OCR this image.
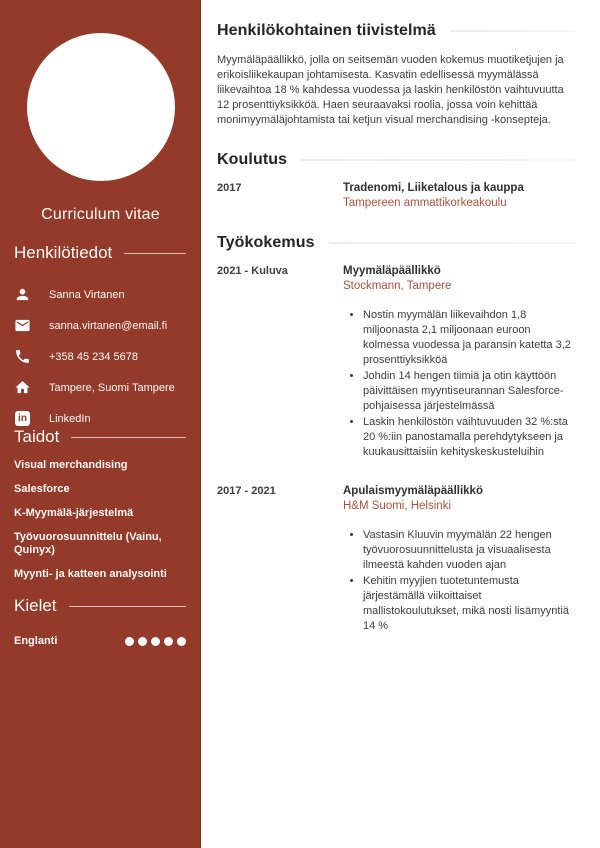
Curriculum vitae
Henkilötiedot
Sanna Virtanen
sanna.virtanen@email.fi
+358 45 234 5678
Tampere, Suomi Tampere
in LinkedIn
Taidot
Visual merchandising
Salesforce
K-Myymälä-järjestelmä
Työvuorosuunnittelu (Vainu, Quinyx)
Myynti- ja katteen analysointi
Kielet
Englanti
Henkilökohtainen tiivistelmä

Myymäläpäällikkö, jolla on seitsemän vuoden kokemus muotiketjujen ja erikoisliikekaupan johtamisesta. Kasvatin edellisessä myymälässä liikevaihtoa 18 % kahdessa vuodessa ja laskin henkilöstön vaihtuvuutta 12 prosenttiyksikköä. Haen seuraavaksi roolia, jossa voin kehittää monimyymäläjohtamista tai ketjun visual merchandising -konsepteja.

Koulutus
2017	Tradenomi, Liiketalous ja kauppa
Tampereen ammattikorkeakoulu
Työkokemus
2021 - Kuluva	Myymäläpäällikkö
Stockmann, Tampere
• Nostin myymälän liikevaihdon 1,8 miljoonasta 2,1 miljoonaan euroon kolmessa vuodessa ja paransin katetta 3,2 prosenttiyksikköä
• Johdin 14 hengen tiimiä ja otin käyttöön päivittäisen myyntiseurannan Salesforce-pohjaisessa järjestelmässä
• Laskin henkilöstön vaihtuvuuden 32 %:sta 20 %:iin panostamalla perehdytykseen ja kuukausittaisiin kehityskeskusteluihin
2017 - 2021	Apulaismyymäläpäällikkö
H&M Suomi, Helsinki
• Vastasin Kluuvin myymälän 22 hengen työvuorosuunnittelusta ja visuaalisesta ilmeestä kahden vuoden ajan
• Kehitin myyjien tuotetuntemusta järjestämällä viikoittaiset mallistokoulutukset, mikä nosti lisämyyntiä 14 %
